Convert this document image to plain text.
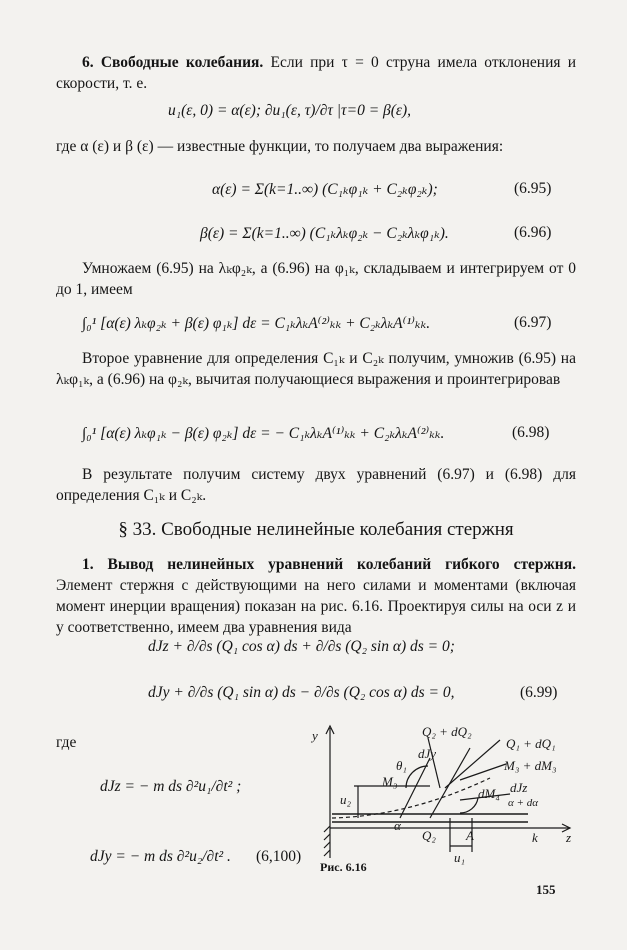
6. Свободные колебания. Если при τ = 0 струна имела отклонения и скорости, т. е.
u₁(ε, 0) = α(ε); ∂u₁(ε, τ)/∂τ |τ=0 = β(ε),
где α (ε) и β (ε) — известные функции, то получаем два выражения:
α(ε) = Σ(k=1..∞) (C₁ₖφ₁ₖ + C₂ₖφ₂ₖ);	(6.95)
β(ε) = Σ(k=1..∞) (C₁ₖλₖφ₂ₖ − C₂ₖλₖφ₁ₖ).	(6.96)
Умножаем (6.95) на λₖφ₂ₖ, а (6.96) на φ₁ₖ, складываем и интегрируем от 0 до 1, имеем
∫₀¹ [α(ε) λₖφ₂ₖ + β(ε) φ₁ₖ] dε = C₁ₖλₖA⁽²⁾ₖₖ + C₂ₖλₖA⁽¹⁾ₖₖ.	(6.97)
Второе уравнение для определения C₁ₖ и C₂ₖ получим, умножив (6.95) на λₖφ₁ₖ, а (6.96) на φ₂ₖ, вычитая получающиеся выражения и проинтегрировав
∫₀¹ [α(ε) λₖφ₁ₖ − β(ε) φ₂ₖ] dε = − C₁ₖλₖA⁽¹⁾ₖₖ + C₂ₖλₖA⁽²⁾ₖₖ.	(6.98)
В результате получим систему двух уравнений (6.97) и (6.98) для определения C₁ₖ и C₂ₖ.
§ 33. Свободные нелинейные колебания стержня
1. Вывод нелинейных уравнений колебаний гибкого стержня. Элемент стержня с действующими на него силами и моментами (включая момент инерции вращения) показан на рис. 6.16. Проектируя силы на оси z и y соответственно, имеем два уравнения вида
dJz + ∂/∂s (Q₁ cos α) ds + ∂/∂s (Q₂ sin α) ds = 0;
dJy + ∂/∂s (Q₁ sin α) ds − ∂/∂s (Q₂ cos α) ds = 0,	(6.99)
где
dJz = − m ds ∂²u₁/∂t² ;
dJy = − m ds ∂²u₂/∂t² . (6,100)
y
z
k
A
Q₂ + dQ₂
Q₁ + dQ₁
M₃ + dM₃
dJy
dJz
θ₁
M₃
dM₄
α + dα
α
u₂
u₁
Q₂
Рис. 6.16
155
